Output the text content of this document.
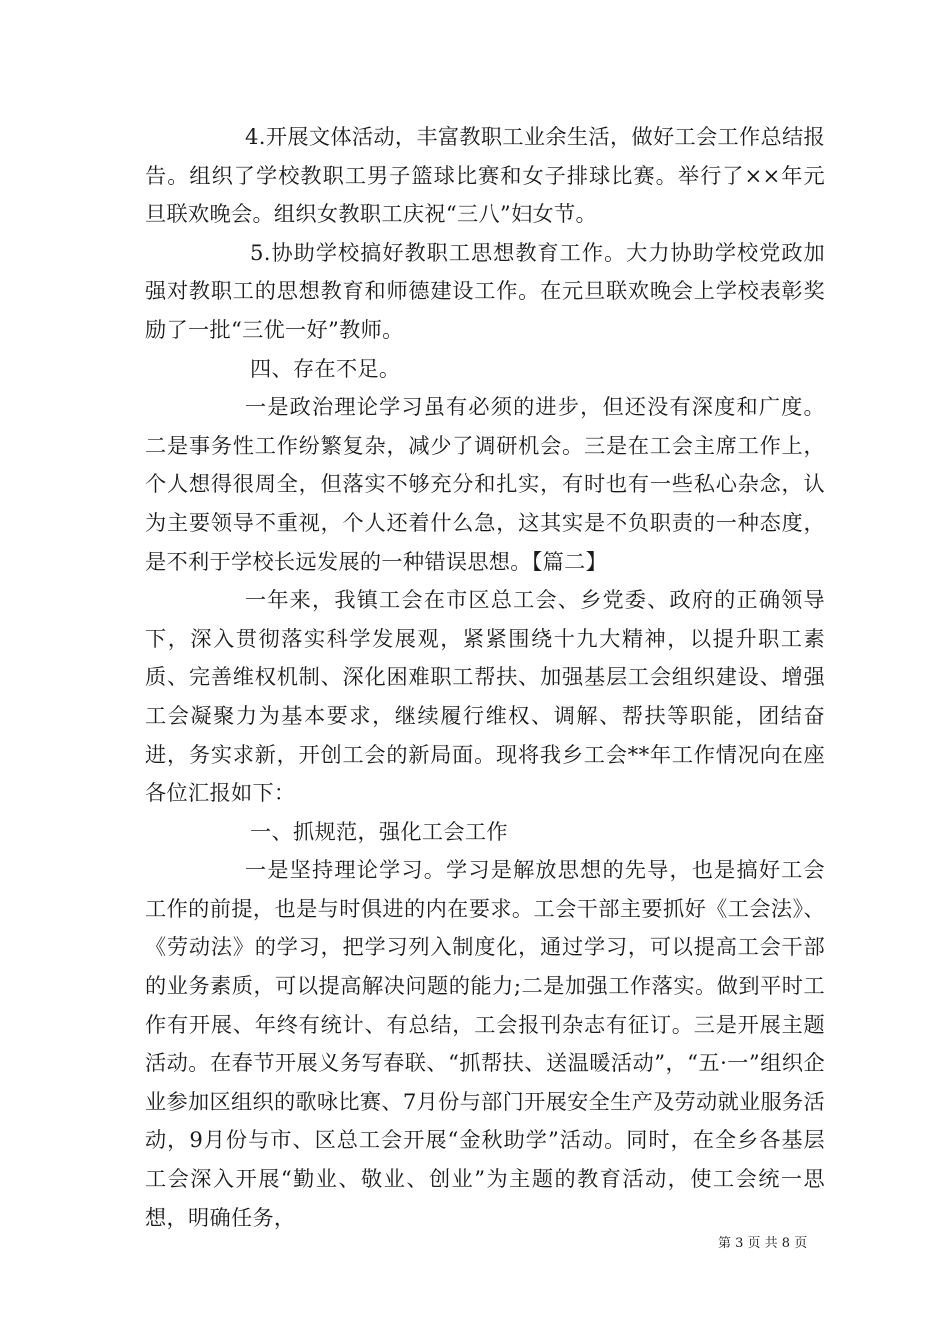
4.开展文体活动，丰富教职工业余生活，做好工会工作总结报告。组织了学校教职工男子篮球比赛和女子排球比赛。举行了××年元旦联欢晚会。组织女教职工庆祝“三八”妇女节。

5.协助学校搞好教职工思想教育工作。大力协助学校党政加强对教职工的思想教育和师德建设工作。在元旦联欢晚会上学校表彰奖励了一批“三优一好”教师。

四、存在不足。

一是政治理论学习虽有必须的进步，但还没有深度和广度。二是事务性工作纷繁复杂，减少了调研机会。三是在工会主席工作上，个人想得很周全，但落实不够充分和扎实，有时也有一些私心杂念，认为主要领导不重视，个人还着什么急，这其实是不负职责的一种态度，是不利于学校长远发展的一种错误思想。【篇二】

一年来，我镇工会在市区总工会、乡党委、政府的正确领导下，深入贯彻落实科学发展观，紧紧围绕十九大精神，以提升职工素质、完善维权机制、深化困难职工帮扶、加强基层工会组织建设、增强工会凝聚力为基本要求，继续履行维权、调解、帮扶等职能，团结奋进，务实求新，开创工会的新局面。现将我乡工会**年工作情况向在座各位汇报如下：

一、抓规范，强化工会工作

一是坚持理论学习。学习是解放思想的先导，也是搞好工会工作的前提，也是与时俱进的内在要求。工会干部主要抓好《工会法》、《劳动法》的学习，把学习列入制度化，通过学习，可以提高工会干部的业务素质，可以提高解决问题的能力;二是加强工作落实。做到平时工作有开展、年终有统计、有总结，工会报刊杂志有征订。三是开展主题活动。在春节开展义务写春联、“抓帮扶、送温暖活动”，“五·一”组织企业参加区组织的歌咏比赛、7月份与部门开展安全生产及劳动就业服务活动，9月份与市、区总工会开展“金秋助学”活动。同时，在全乡各基层工会深入开展“勤业、敬业、创业”为主题的教育活动，使工会统一思想，明确任务，

第 3 页 共 8 页
